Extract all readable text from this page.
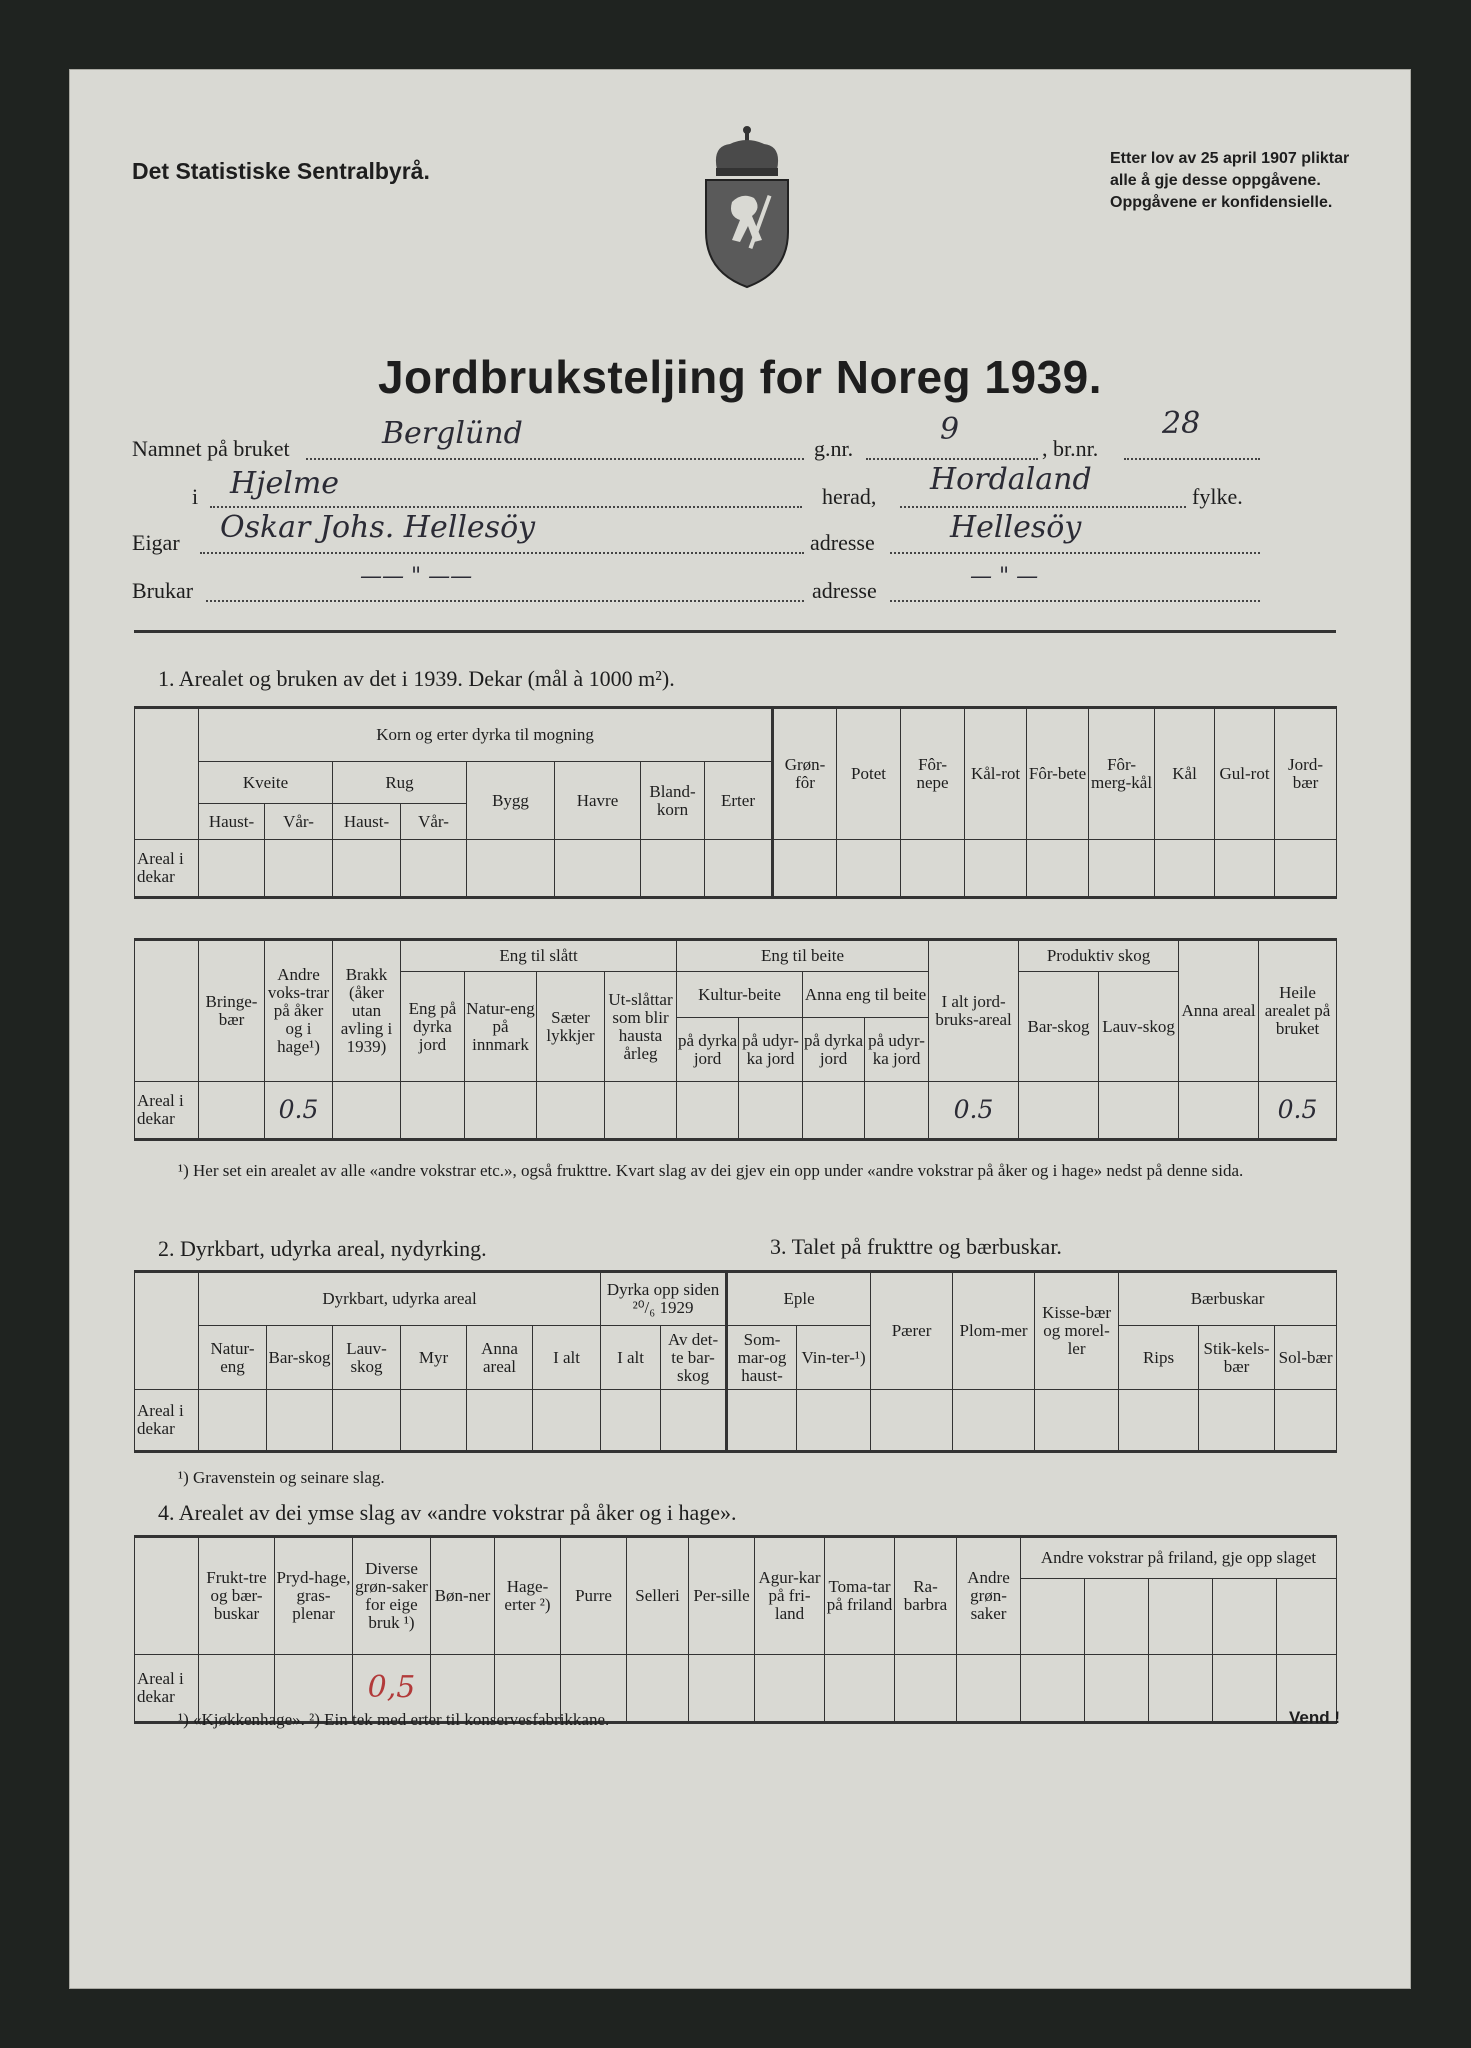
Det Statistiske Sentralbyrå.	Etter lov av 25 april 1907 pliktar
alle å gje desse oppgåvene.
Oppgåvene er konfidensielle.
Jordbruksteljing for Noreg 1939.
Namnet på bruket	Berglünd	g.nr.
9
, br.nr.
28
i Hjelme	herad, Hordaland	fylke.
Eigar Oskar Johs. Hellesöy	adresse	Hellesöy
Brukar
—— " ——
adresse
— " —
1. Arealet og bruken av det i 1939. Dekar (mål à 1000 m²).
	Korn og erter dyrka til mogning								Grøn-fôr	Potet	Fôr-nepe	Kål-rot	Fôr-bete	Fôr-merg-kål	Kål	Gul-rot	Jord-bær
	Kveite		Rug		Bygg	Havre	Bland-korn	Erter									
	Haust-	Vår-	Haust-	Vår-													

Areal i dekar																	
	Bringe-bær	Andre voks-trar på åker og i hage¹)	Brakk (åker utan avling i 1939)	Eng til slått				Eng til beite				I alt jord-bruks-areal	Produktiv skog		Anna areal	Heile arealet på bruket
				Eng på dyrka jord	Natur-eng på innmark	Sæter lykkjer	Ut-slåttar som blir hausta årleg	Kultur-beite		Anna eng til beite			Bar-skog	Lauv-skog		
								på dyrka jord	på udyr-ka jord	på dyrka jord	på udyr-ka jord					
Areal i dekar		0.5										0.5				0.5
¹) Her set ein arealet av alle «andre vokstrar etc.», også frukttre. Kvart slag av dei gjev ein opp under «andre vokstrar på åker og i hage» nedst på denne sida.
2. Dyrkbart, udyrka areal, nydyrking.	3. Talet på frukttre og bærbuskar.
	Dyrkbart, udyrka areal						Dyrka opp siden ²⁰/₆ 1929		Eple		Pærer	Plom-mer	Kisse-bær og morel-ler	Bærbuskar		
	Natur-eng	Bar-skog	Lauv-skog	Myr	Anna areal	I alt	I alt	Av det-te bar-skog	Som-mar-og haust-	Vin-ter-¹)				Rips	Stik-kels-bær	Sol-bær
Areal i dekar																
¹) Gravenstein og seinare slag.
4. Arealet av dei ymse slag av «andre vokstrar på åker og i hage».
	Frukt-tre og bær-buskar	Pryd-hage, gras-plenar	Diverse grøn-saker for eige bruk ¹)	Bøn-ner	Hage-erter ²)	Purre	Selleri	Per-sille	Agur-kar på fri-land	Toma-tar på friland	Ra-barbra	Andre grøn-saker	Andre vokstrar på friland, gje opp slaget				

Areal i dekar			0,5														
¹) «Kjøkkenhage». ²) Ein tek med erter til konservesfabrikkane.	Vend !
